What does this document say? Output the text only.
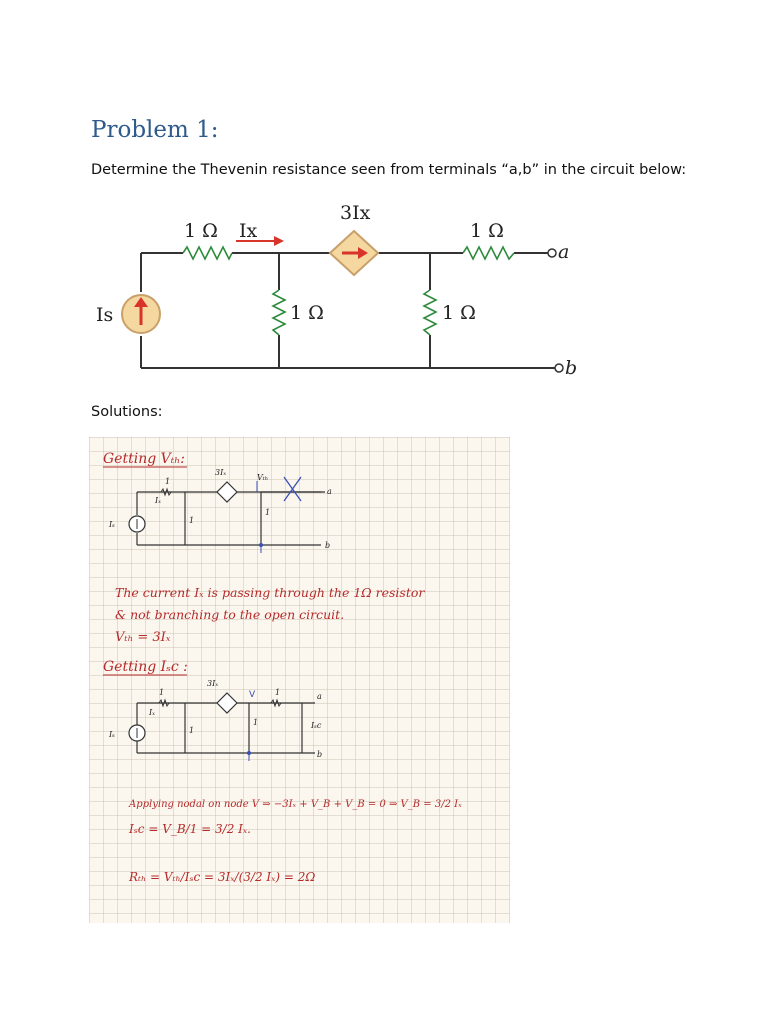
Problem 1:

Determine the Thevenin resistance seen from terminals “a,b” in the circuit below:

Is
1 Ω Ix
3Ix
1 Ω
1 Ω	1 Ω
a
b

Solutions:

Getting Vₜₕ:
Iₛ
1
Iₓ
3Iₓ
Vₜₕ
1
1
a
b
The current Iₓ is passing through the 1Ω resistor
& not branching to the open circuit.
Vₜₕ = 3Iₓ
Getting Iₛc :
Iₛ
1
Iₓ
3Iₓ
1
1
1
a
b
Iₛc
V
Applying nodal on node V ⇒ −3Iₓ + V_B + V_B = 0 ⇒ V_B = 3/2 Iₓ
Iₛc = V_B/1 = 3/2 Iₓ.
Rₜₕ = Vₜₕ/Iₛc = 3Iₓ/(3/2 Iₓ) = 2Ω
